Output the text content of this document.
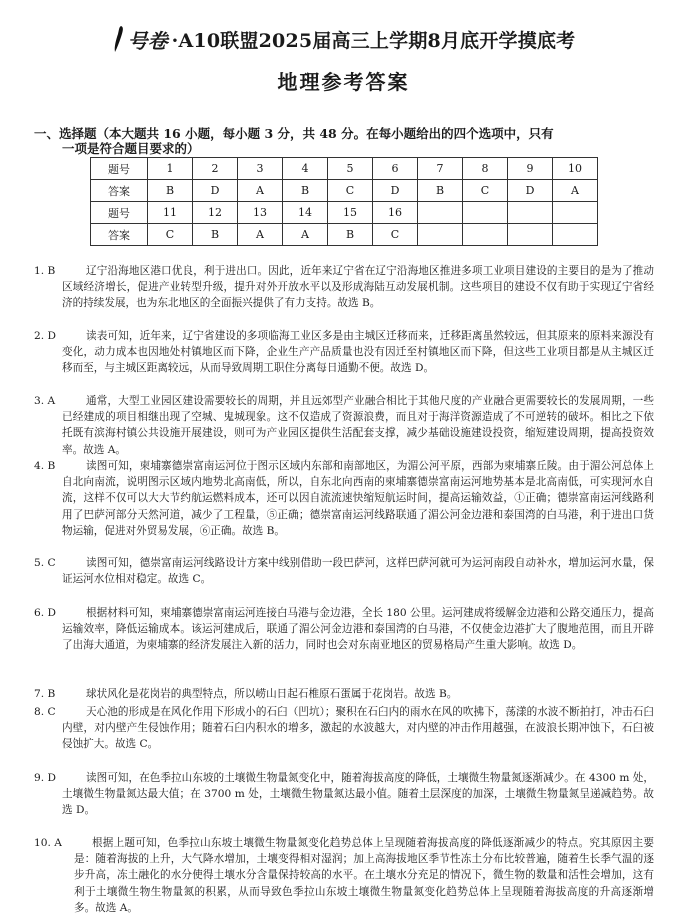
号卷 ·A10联盟2025届高三上学期8月底开学摸底考
地理参考答案
一、选择题（本大题共 16 小题，每小题 3 分，共 48 分。在每小题给出的四个选项中，只有
一项是符合题目要求的）
题号	1	2	3	4	5	6	7	8	9	10
答案	B	D	A	B	C	D	B	C	D	A
题号	11	12	13	14	15	16				
答案	C	B	A	A	B	C				
1. B	辽宁沿海地区港口优良，利于进出口。因此，近年来辽宁省在辽宁沿海地区推进多项工业项目建设的主要目的是为了推动区域经济增长，促进产业转型升级，提升对外开放水平以及形成海陆互动发展机制。这些项目的建设不仅有助于实现辽宁省经济的持续发展，也为东北地区的全面振兴提供了有力支持。故选 B。
2. D	读表可知，近年来，辽宁省建设的多项临海工业区多是由主城区迁移而来，迁移距离虽然较远，但其原来的原料来源没有变化，动力成本也因地处村镇地区而下降，企业生产产品质量也没有因迁至村镇地区而下降，但这些工业项目都是从主城区迁移而至，与主城区距离较远，从而导致周期工职住分离每日通勤不便。故选 D。
3. A	通常，大型工业园区建设需要较长的周期，并且远郊型产业融合相比于其他尺度的产业融合更需要较长的发展周期，一些已经建成的项目相继出现了空城、鬼城现象。这不仅造成了资源浪费，而且对于海洋资源造成了不可逆转的破坏。相比之下依托既有滨海村镇公共设施开展建设，则可为产业园区提供生活配套支撑，减少基础设施建设投资，缩短建设周期，提高投资效率。故选 A。
4. B	读图可知，柬埔寨德崇富南运河位于图示区域内东部和南部地区，为湄公河平原，西部为柬埔寨丘陵。由于湄公河总体上自北向南流，说明图示区域内地势北高南低，所以，自东北向西南的柬埔寨德崇富南运河地势基本是北高南低，可实现河水自流，这样不仅可以大大节约航运燃料成本，还可以因自流流速快缩短航运时间，提高运输效益，①正确；德崇富南运河线路利用了巴萨河部分天然河道，减少了工程量，⑤正确；德崇富南运河线路联通了湄公河金边港和泰国湾的白马港，利于进出口货物运输，促进对外贸易发展，⑥正确。故选 B。
5. C	读图可知，德崇富南运河线路设计方案中线别借助一段巴萨河，这样巴萨河就可为运河南段自动补水，增加运河水量，保证运河水位相对稳定。故选 C。
6. D	根据材料可知，柬埔寨德崇富南运河连接白马港与金边港，全长 180 公里。运河建成将缓解金边港和公路交通压力，提高运输效率，降低运输成本。该运河建成后，联通了湄公河金边港和泰国湾的白马港，不仅使金边港扩大了腹地范围，而且开辟了出海大通道，为柬埔寨的经济发展注入新的活力，同时也会对东南亚地区的贸易格局产生重大影响。故选 D。
7. B	球状风化是花岗岩的典型特点，所以崂山日起石椎原石蛋属于花岗岩。故选 B。
8. C	天心池的形成是在风化作用下形成小的石臼（凹坑）；聚积在石臼内的雨水在风的吹拂下，荡漾的水波不断拍打，冲击石臼内壁，对内壁产生侵蚀作用；随着石臼内积水的增多，激起的水波越大，对内壁的冲击作用越强，在波浪长期冲蚀下，石臼被侵蚀扩大。故选 C。
9. D	读图可知，在色季拉山东坡的土壤微生物量氮变化中，随着海拔高度的降低，土壤微生物量氮逐渐减少。在 4300 m 处，土壤微生物量氮达最大值；在 3700 m 处，土壤微生物量氮达最小值。随着土层深度的加深，土壤微生物量氮呈递减趋势。故选 D。
10. A	根据上题可知，色季拉山东坡土壤微生物量氮变化趋势总体上呈现随着海拔高度的降低逐渐减少的特点。究其原因主要是：随着海拔的上升，大气降水增加，土壤变得相对湿润；加上高海拔地区季节性冻土分布比较普遍，随着生长季气温的逐步升高，冻土融化的水分使得土壤水分含量保持较高的水平。在土壤水分充足的情况下，微生物的数量和活性会增加，这有利于土壤微生物生物量氮的积累，从而导致色季拉山东坡土壤微生物量氮变化趋势总体上呈现随着海拔高度的升高逐渐增多。故选 A。
